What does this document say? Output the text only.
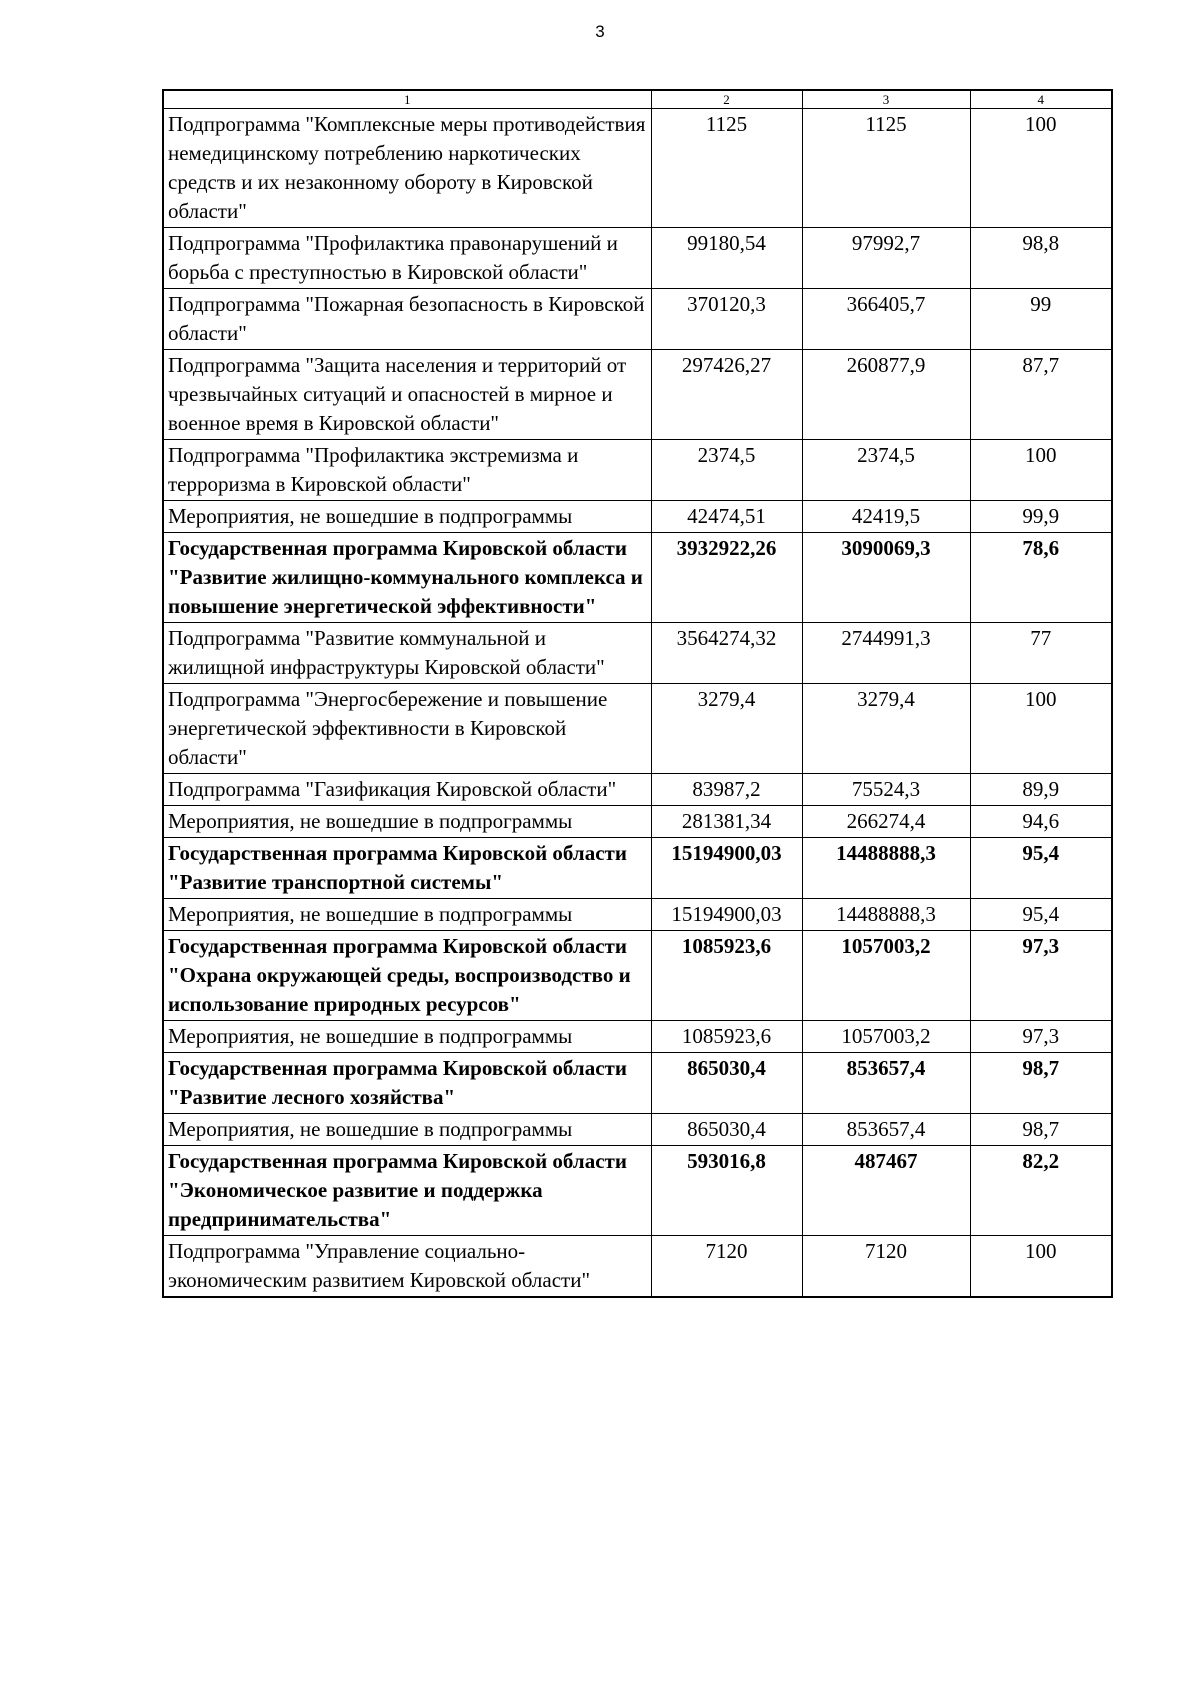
3
1	2	3	4
Подпрограмма "Комплексные меры противодействия немедицинскому потреблению наркотических средств и их незаконному обороту в Кировской области"	1125	1125	100
Подпрограмма "Профилактика правонарушений и борьба с преступностью в Кировской области"	99180,54	97992,7	98,8
Подпрограмма "Пожарная безопасность в Кировской области"	370120,3	366405,7	99
Подпрограмма "Защита населения и территорий от чрезвычайных ситуаций и опасностей в мирное и военное время в Кировской области"	297426,27	260877,9	87,7
Подпрограмма "Профилактика экстремизма и терроризма в Кировской области"	2374,5	2374,5	100
Мероприятия, не вошедшие в подпрограммы	42474,51	42419,5	99,9
Государственная программа Кировской области "Развитие жилищно-коммунального комплекса и повышение энергетической эффективности"	3932922,26	3090069,3	78,6
Подпрограмма "Развитие коммунальной и жилищной инфраструктуры Кировской области"	3564274,32	2744991,3	77
Подпрограмма "Энергосбережение и повышение энергетической эффективности в Кировской области"	3279,4	3279,4	100
Подпрограмма "Газификация Кировской области"	83987,2	75524,3	89,9
Мероприятия, не вошедшие в подпрограммы	281381,34	266274,4	94,6
Государственная программа Кировской области "Развитие транспортной системы"	15194900,03	14488888,3	95,4
Мероприятия, не вошедшие в подпрограммы	15194900,03	14488888,3	95,4
Государственная программа Кировской области "Охрана окружающей среды, воспроизводство и использование природных ресурсов"	1085923,6	1057003,2	97,3
Мероприятия, не вошедшие в подпрограммы	1085923,6	1057003,2	97,3
Государственная программа Кировской области "Развитие лесного хозяйства"	865030,4	853657,4	98,7
Мероприятия, не вошедшие в подпрограммы	865030,4	853657,4	98,7
Государственная программа Кировской области "Экономическое развитие и поддержка предпринимательства"	593016,8	487467	82,2
Подпрограмма "Управление социально-экономическим развитием Кировской области"	7120	7120	100
